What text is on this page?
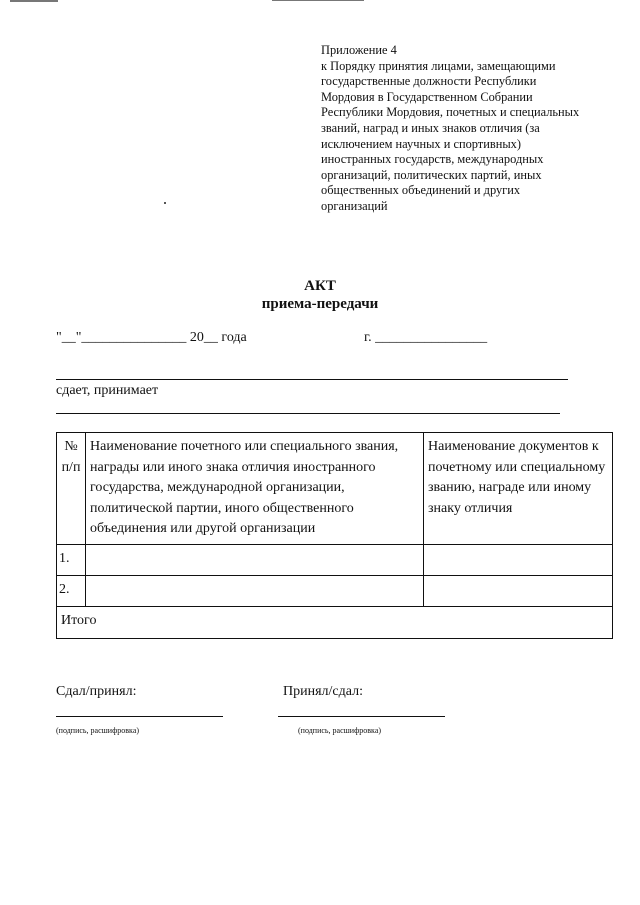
Приложение 4
к Порядку принятия лицами, замещающими
государственные должности Республики
Мордовия в Государственном Собрании
Республики Мордовия, почетных и специальных
званий, наград и иных знаков отличия (за
исключением научных и спортивных)
иностранных государств, международных
организаций, политических партий, иных
общественных объединений и других
организаций
АКТ
приема-передачи
"__"_______________ 20__ года	г. ________________
сдает, принимает
№ п/п	Наименование почетного или специального звания, награды или иного знака отличия иностранного государства, международной организации, политической партии, иного общественного объединения или другой организации	Наименование документов к почетному или специальному званию, награде или иному знаку отличия
1.		
2.		
Итого		
Сдал/принял:	Принял/сдал:
(подпись, расшифровка)	(подпись, расшифровка)
